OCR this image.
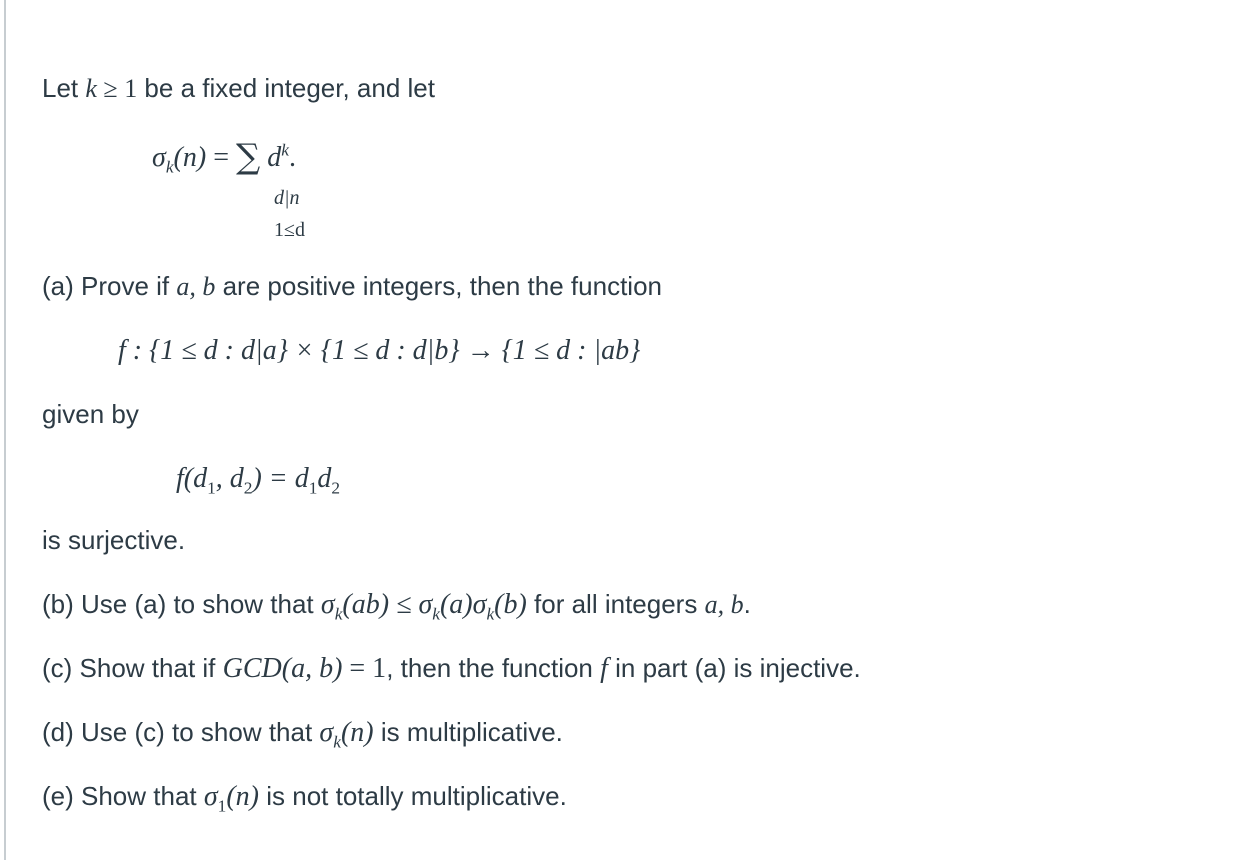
Let k ≥ 1 be a fixed integer, and let
$\sigma_k(n)$ = ∑ $d^k$.
d|n
1≤d
(a) Prove if a, b are positive integers, then the function
f : {1 ≤ d : d|a} × {1 ≤ d : d|b} → {1 ≤ d : |ab}
given by
$f(d_1$, $d_2) = d_1d_2$
is surjective.
(b) Use (a) to show that $\sigma_k(ab) \le \sigma_k(a)\sigma_k(b)$ for all integers a, b.
(c) Show that if GCD(a, b) = 1, then the function f in part (a) is injective.
(d) Use (c) to show that $\sigma_k(n)$ is multiplicative.
(e) Show that $\sigma_1(n)$ is not totally multiplicative.
